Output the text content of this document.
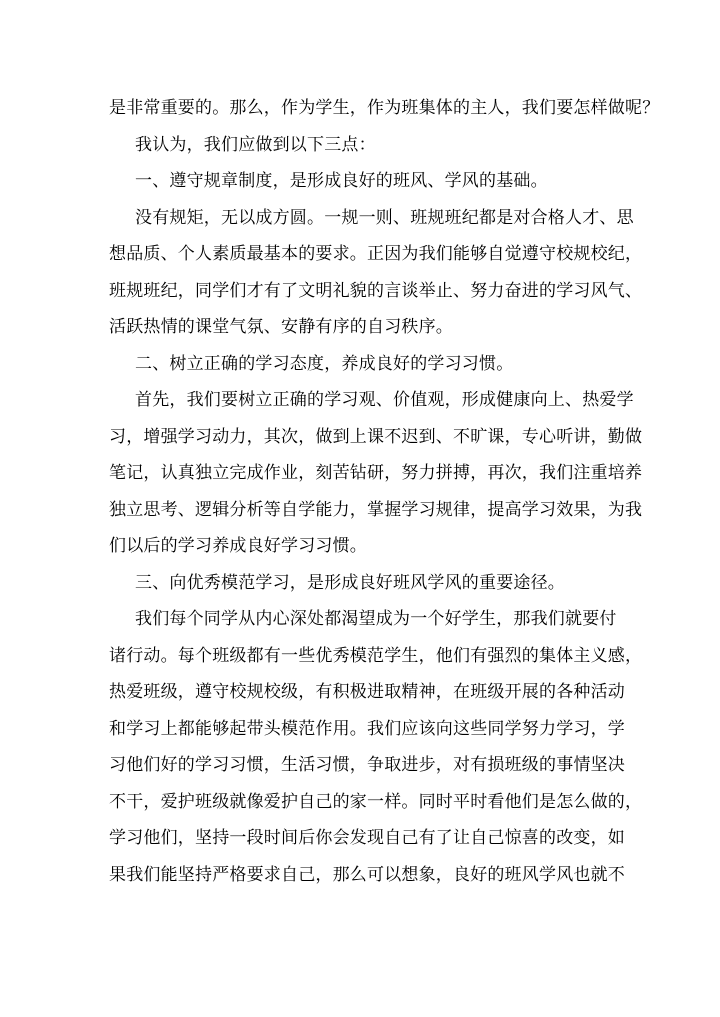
是非常重要的。那么，作为学生，作为班集体的主人，我们要怎样做呢？
我认为，我们应做到以下三点：
一、遵守规章制度，是形成良好的班风、学风的基础。
没有规矩，无以成方圆。一规一则、班规班纪都是对合格人才、思
想品质、个人素质最基本的要求。正因为我们能够自觉遵守校规校纪，
班规班纪，同学们才有了文明礼貌的言谈举止、努力奋进的学习风气、
活跃热情的课堂气氛、安静有序的自习秩序。
二、树立正确的学习态度，养成良好的学习习惯。
首先，我们要树立正确的学习观、价值观，形成健康向上、热爱学
习，增强学习动力，其次，做到上课不迟到、不旷课，专心听讲，勤做
笔记，认真独立完成作业，刻苦钻研，努力拼搏，再次，我们注重培养
独立思考、逻辑分析等自学能力，掌握学习规律，提高学习效果，为我
们以后的学习养成良好学习习惯。
三、向优秀模范学习，是形成良好班风学风的重要途径。
我们每个同学从内心深处都渴望成为一个好学生，那我们就要付
诸行动。每个班级都有一些优秀模范学生，他们有强烈的集体主义感，
热爱班级，遵守校规校级，有积极进取精神，在班级开展的各种活动
和学习上都能够起带头模范作用。我们应该向这些同学努力学习，学
习他们好的学习习惯，生活习惯，争取进步，对有损班级的事情坚决
不干，爱护班级就像爱护自己的家一样。同时平时看他们是怎么做的，
学习他们，坚持一段时间后你会发现自己有了让自己惊喜的改变，如
果我们能坚持严格要求自己，那么可以想象，良好的班风学风也就不
